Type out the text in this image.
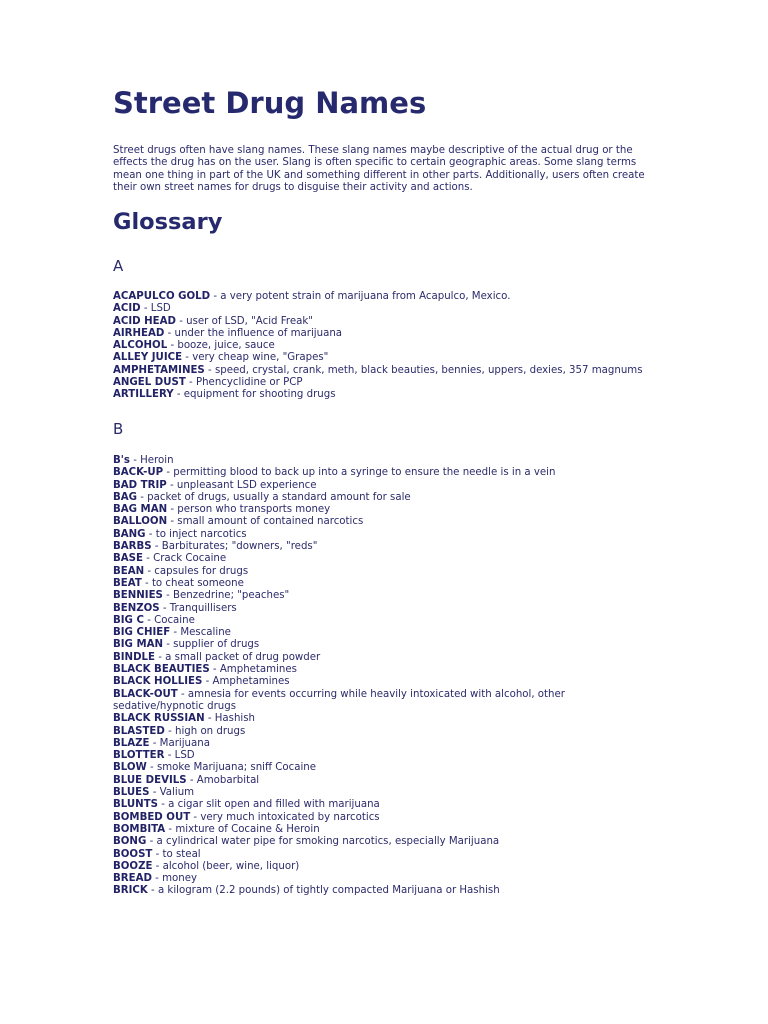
Street Drug Names

Street drugs often have slang names. These slang names maybe descriptive of the actual drug or the effects the drug has on the user. Slang is often specific to certain geographic areas. Some slang terms mean one thing in part of the UK and something different in other parts. Additionally, users often create their own street names for drugs to disguise their activity and actions.

Glossary
A
ACAPULCO GOLD - a very potent strain of marijuana from Acapulco, Mexico.
ACID - LSD
ACID HEAD - user of LSD, "Acid Freak"
AIRHEAD - under the influence of marijuana
ALCOHOL - booze, juice, sauce
ALLEY JUICE - very cheap wine, "Grapes"
AMPHETAMINES - speed, crystal, crank, meth, black beauties, bennies, uppers, dexies, 357 magnums
ANGEL DUST - Phencyclidine or PCP
ARTILLERY - equipment for shooting drugs
B
B's - Heroin
BACK-UP - permitting blood to back up into a syringe to ensure the needle is in a vein
BAD TRIP - unpleasant LSD experience
BAG - packet of drugs, usually a standard amount for sale
BAG MAN - person who transports money
BALLOON - small amount of contained narcotics
BANG - to inject narcotics
BARBS - Barbiturates; "downers, "reds"
BASE - Crack Cocaine
BEAN - capsules for drugs
BEAT - to cheat someone
BENNIES - Benzedrine; "peaches"
BENZOS - Tranquillisers
BIG C - Cocaine
BIG CHIEF - Mescaline
BIG MAN - supplier of drugs
BINDLE - a small packet of drug powder
BLACK BEAUTIES - Amphetamines
BLACK HOLLIES - Amphetamines
BLACK-OUT - amnesia for events occurring while heavily intoxicated with alcohol, other sedative/hypnotic drugs
BLACK RUSSIAN - Hashish
BLASTED - high on drugs
BLAZE - Marijuana
BLOTTER - LSD
BLOW - smoke Marijuana; sniff Cocaine
BLUE DEVILS - Amobarbital
BLUES - Valium
BLUNTS - a cigar slit open and filled with marijuana
BOMBED OUT - very much intoxicated by narcotics
BOMBITA - mixture of Cocaine & Heroin
BONG - a cylindrical water pipe for smoking narcotics, especially Marijuana
BOOST - to steal
BOOZE - alcohol (beer, wine, liquor)
BREAD - money
BRICK - a kilogram (2.2 pounds) of tightly compacted Marijuana or Hashish
